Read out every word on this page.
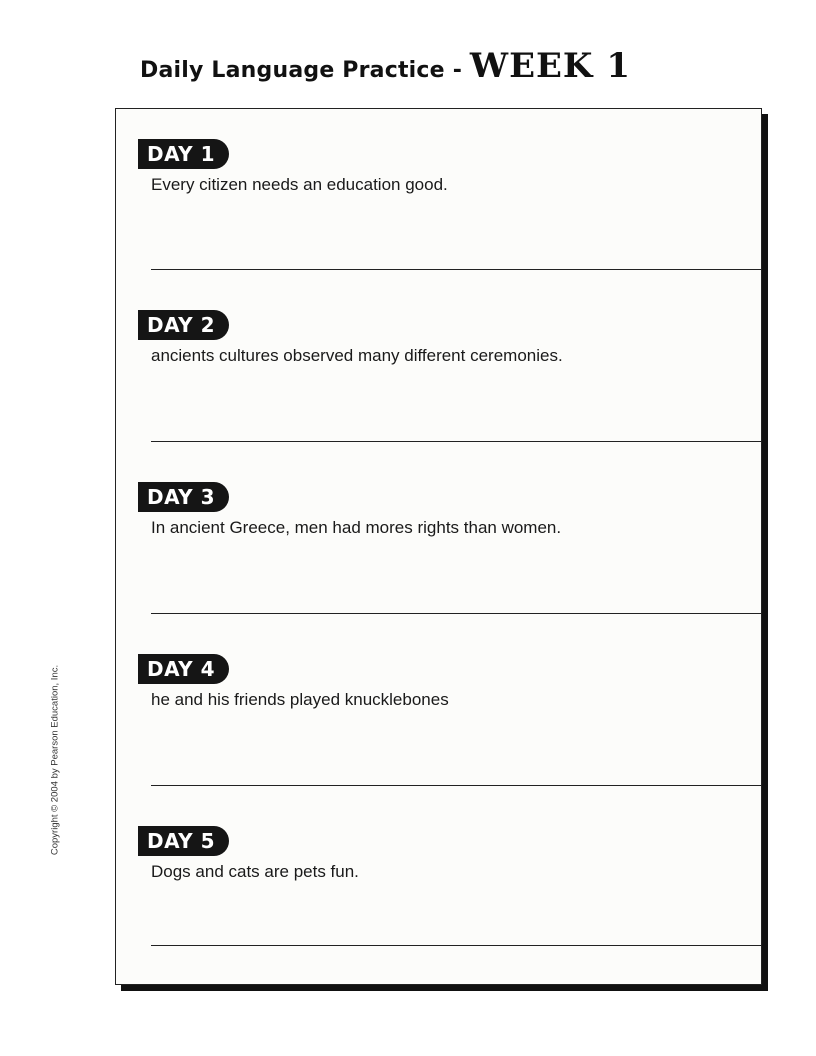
Daily Language Practice - WEEK 1
DAY 1
Every citizen needs an education good.
DAY 2
ancients cultures observed many different ceremonies.
DAY 3
In ancient Greece, men had mores rights than women.
DAY 4
he and his friends played knucklebones
DAY 5
Dogs and cats are pets fun.
Copyright © 2004 by Pearson Education, Inc.
